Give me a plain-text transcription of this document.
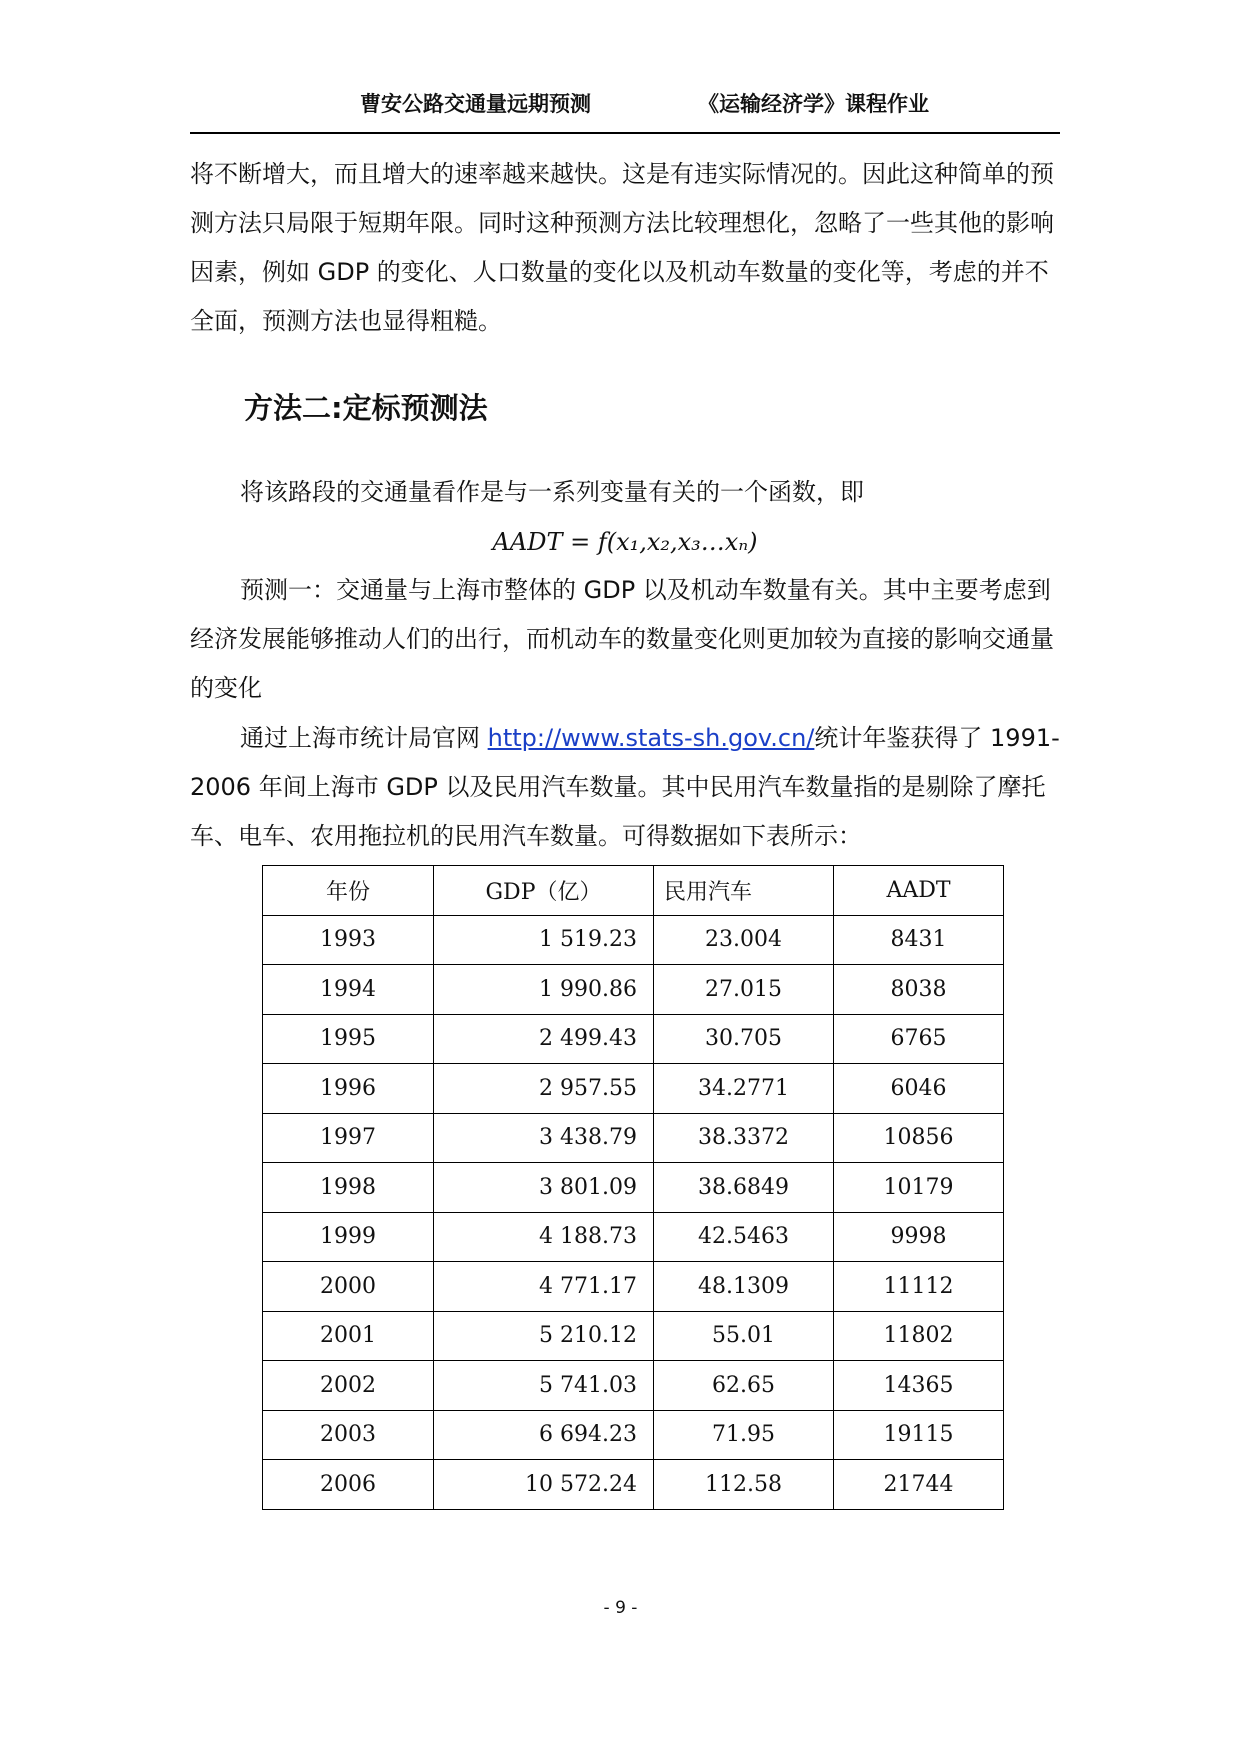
曹安公路交通量远期预测	《运输经济学》课程作业

将不断增大，而且增大的速率越来越快。这是有违实际情况的。因此这种简单的预测方法只局限于短期年限。同时这种预测方法比较理想化，忽略了一些其他的影响因素，例如 GDP 的变化、人口数量的变化以及机动车数量的变化等，考虑的并不全面，预测方法也显得粗糙。

方法二:定标预测法

将该路段的交通量看作是与一系列变量有关的一个函数，即

AADT = f(x₁,x₂,x₃…xₙ)

预测一：交通量与上海市整体的 GDP 以及机动车数量有关。其中主要考虑到经济发展能够推动人们的出行，而机动车的数量变化则更加较为直接的影响交通量的变化

通过上海市统计局官网 http://www.stats-sh.gov.cn/统计年鉴获得了 1991-2006 年间上海市 GDP 以及民用汽车数量。其中民用汽车数量指的是剔除了摩托车、电车、农用拖拉机的民用汽车数量。可得数据如下表所示：

年份	GDP（亿）	民用汽车	AADT
1993	1 519.23	23.004	8431
1994	1 990.86	27.015	8038
1995	2 499.43	30.705	6765
1996	2 957.55	34.2771	6046
1997	3 438.79	38.3372	10856
1998	3 801.09	38.6849	10179
1999	4 188.73	42.5463	9998
2000	4 771.17	48.1309	11112
2001	5 210.12	55.01	11802
2002	5 741.03	62.65	14365
2003	6 694.23	71.95	19115
2006	10 572.24	112.58	21744
- 9 -
